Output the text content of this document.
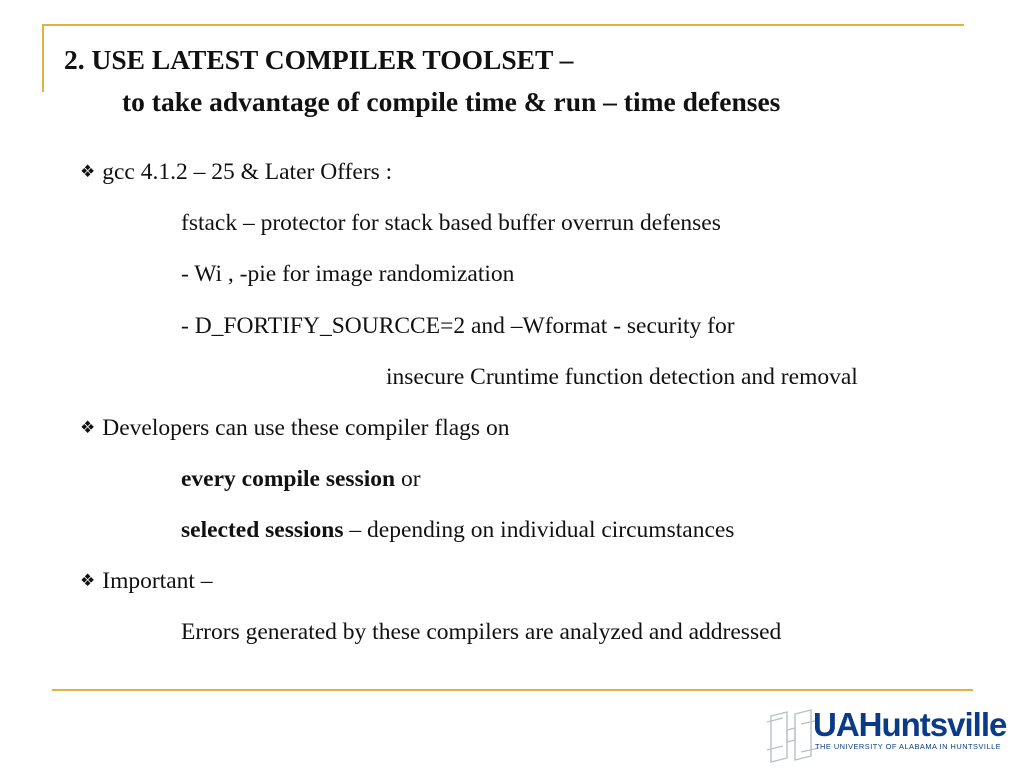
2. USE LATEST COMPILER TOOLSET –
to take advantage of compile time & run – time defenses
❖ gcc 4.1.2 – 25 & Later Offers :
fstack – protector for stack based buffer overrun defenses
- Wi , -pie for image randomization
- D_FORTIFY_SOURCCE=2 and –Wformat - security for
insecure Cruntime function detection and removal
❖ Developers can use these compiler flags on
every compile session or
selected sessions – depending on individual circumstances
❖ Important –
Errors generated by these compilers are analyzed and addressed
UAHuntsville
THE UNIVERSITY OF ALABAMA IN HUNTSVILLE
